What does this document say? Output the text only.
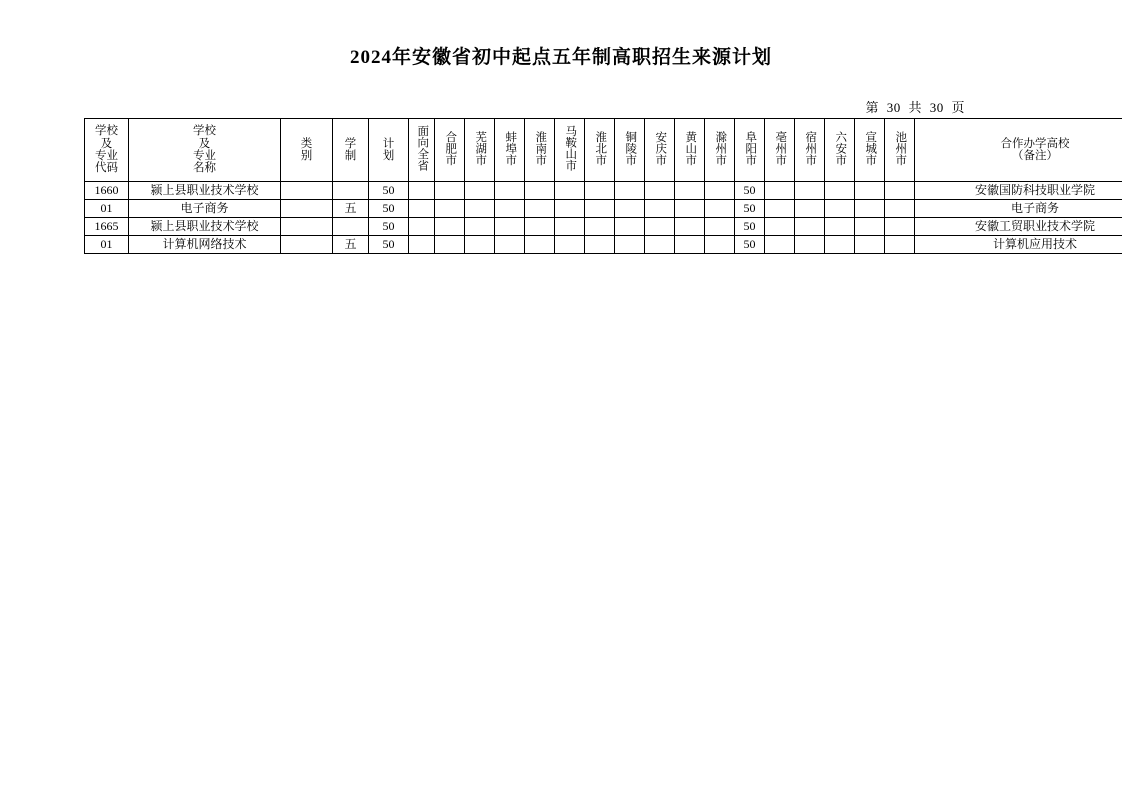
2024年安徽省初中起点五年制高职招生来源计划
第 30 共 30 页
学校
及
专业
代码	学校
及
专业
名称	类
别	学
制	计
划	面向全省	合肥市	芜湖市	蚌埠市	淮南市	马鞍山市	淮北市	铜陵市	安庆市	黄山市	滁州市	阜阳市	亳州市	宿州市	六安市	宣城市	池州市	合作办学高校
（备注）

1660	颍上县职业技术学校			50												50						安徽国防科技职业学院
01	电子商务		五	50												50						电子商务
1665	颍上县职业技术学校			50												50						安徽工贸职业技术学院
01	计算机网络技术		五	50												50						计算机应用技术
